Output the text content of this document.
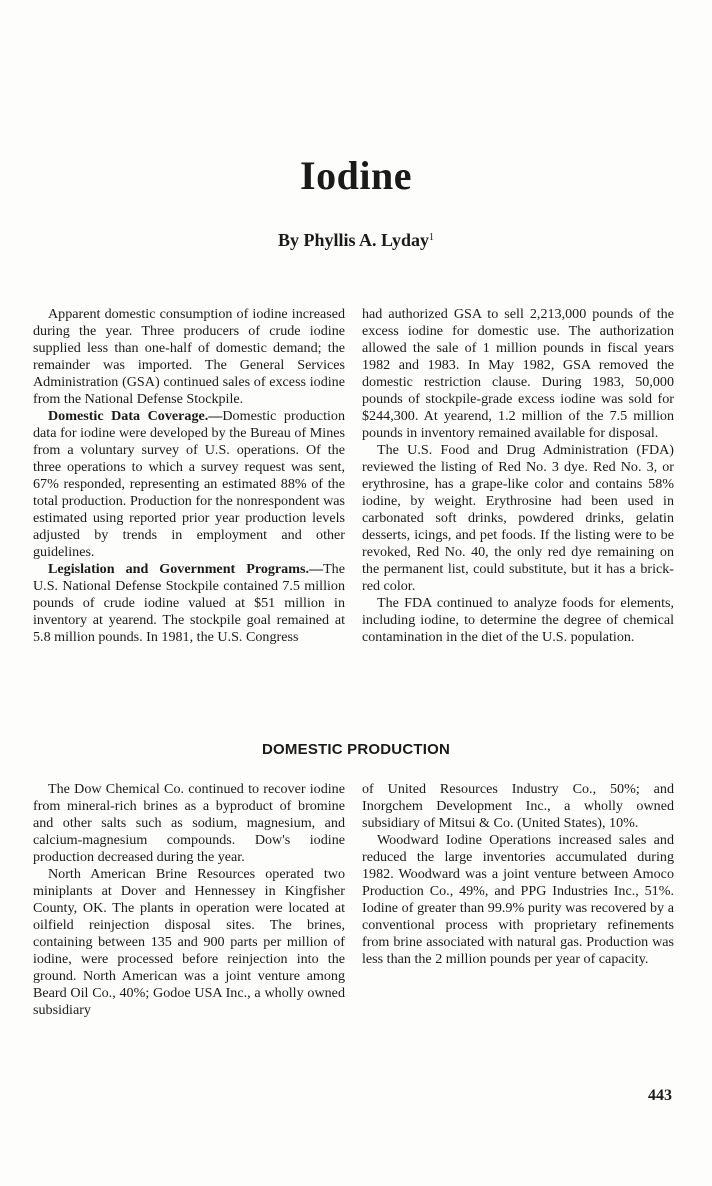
Iodine
By Phyllis A. Lyday$^1$

Apparent domestic consumption of iodine increased during the year. Three producers of crude iodine supplied less than one-half of domestic demand; the remainder was imported. The General Services Administration (GSA) continued sales of excess iodine from the National Defense Stockpile.

Domestic Data Coverage.—Domestic production data for iodine were developed by the Bureau of Mines from a voluntary survey of U.S. operations. Of the three operations to which a survey request was sent, 67% responded, representing an estimated 88% of the total production. Production for the nonrespondent was estimated using reported prior year production levels adjusted by trends in employment and other guidelines.

Legislation and Government Programs.—The U.S. National Defense Stockpile contained 7.5 million pounds of crude iodine valued at $51 million in inventory at yearend. The stockpile goal remained at 5.8 million pounds. In 1981, the U.S. Congress

had authorized GSA to sell 2,213,000 pounds of the excess iodine for domestic use. The authorization allowed the sale of 1 million pounds in fiscal years 1982 and 1983. In May 1982, GSA removed the domestic restriction clause. During 1983, 50,000 pounds of stockpile-grade excess iodine was sold for $244,300. At yearend, 1.2 million of the 7.5 million pounds in inventory remained available for disposal.

The U.S. Food and Drug Administration (FDA) reviewed the listing of Red No. 3 dye. Red No. 3, or erythrosine, has a grape-like color and contains 58% iodine, by weight. Erythrosine had been used in carbonated soft drinks, powdered drinks, gelatin desserts, icings, and pet foods. If the listing were to be revoked, Red No. 40, the only red dye remaining on the permanent list, could substitute, but it has a brick-red color.

The FDA continued to analyze foods for elements, including iodine, to determine the degree of chemical contamination in the diet of the U.S. population.

DOMESTIC PRODUCTION

The Dow Chemical Co. continued to recover iodine from mineral-rich brines as a byproduct of bromine and other salts such as sodium, magnesium, and calcium-magnesium compounds. Dow's iodine production decreased during the year.

North American Brine Resources operated two miniplants at Dover and Hennessey in Kingfisher County, OK. The plants in operation were located at oilfield reinjection disposal sites. The brines, containing between 135 and 900 parts per million of iodine, were processed before reinjection into the ground. North American was a joint venture among Beard Oil Co., 40%; Godoe USA Inc., a wholly owned subsidiary

of United Resources Industry Co., 50%; and Inorgchem Development Inc., a wholly owned subsidiary of Mitsui & Co. (United States), 10%.

Woodward Iodine Operations increased sales and reduced the large inventories accumulated during 1982. Woodward was a joint venture between Amoco Production Co., 49%, and PPG Industries Inc., 51%. Iodine of greater than 99.9% purity was recovered by a conventional process with proprietary refinements from brine associated with natural gas. Production was less than the 2 million pounds per year of capacity.

443
